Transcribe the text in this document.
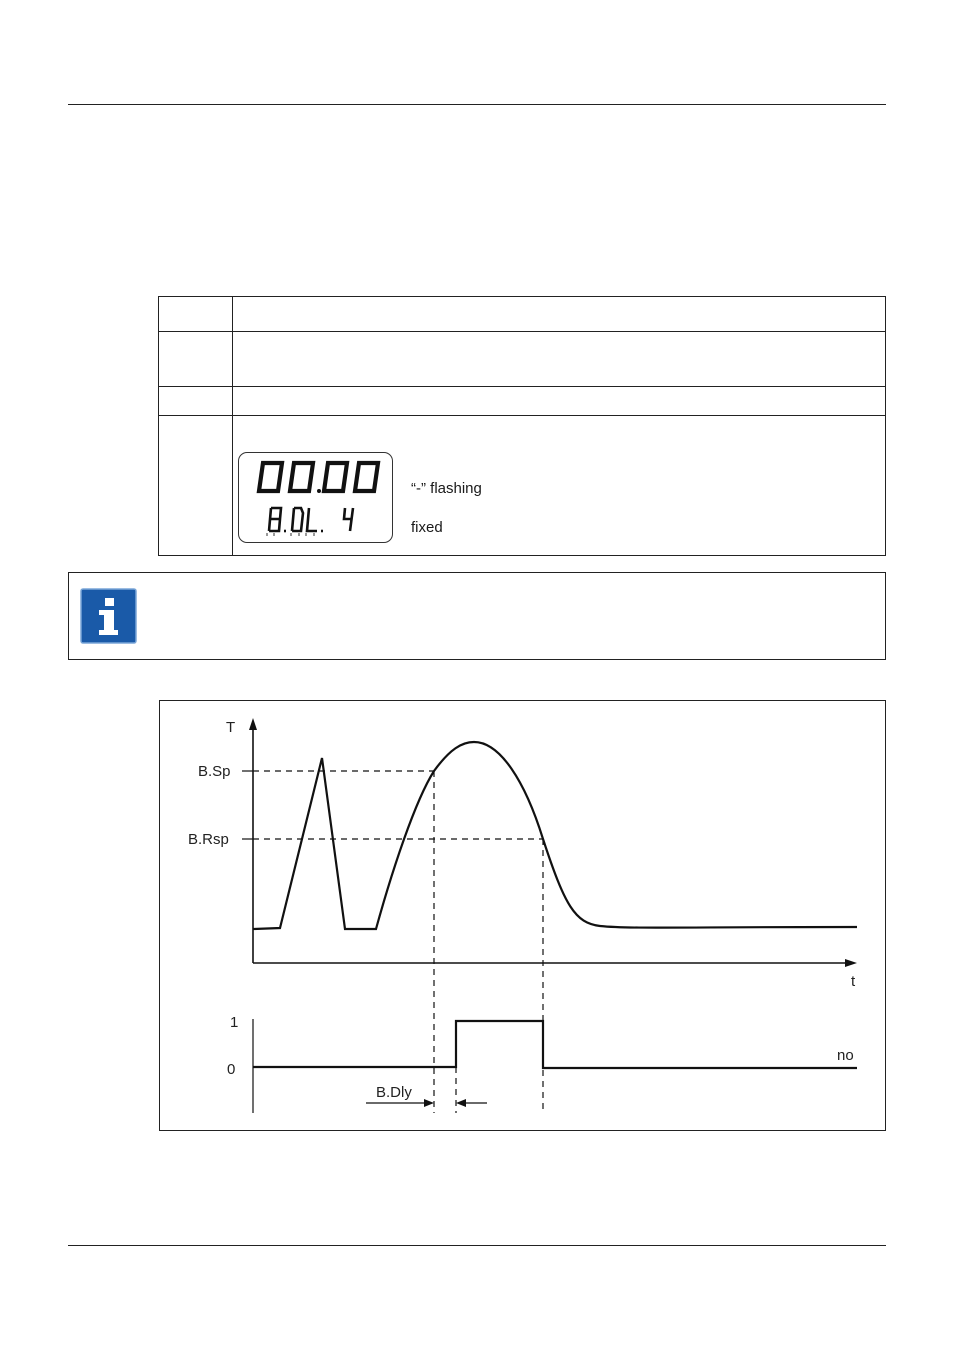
“-” flashing
fixed
T
t
B.Sp
B.Rsp
1
0
no
B.Dly
